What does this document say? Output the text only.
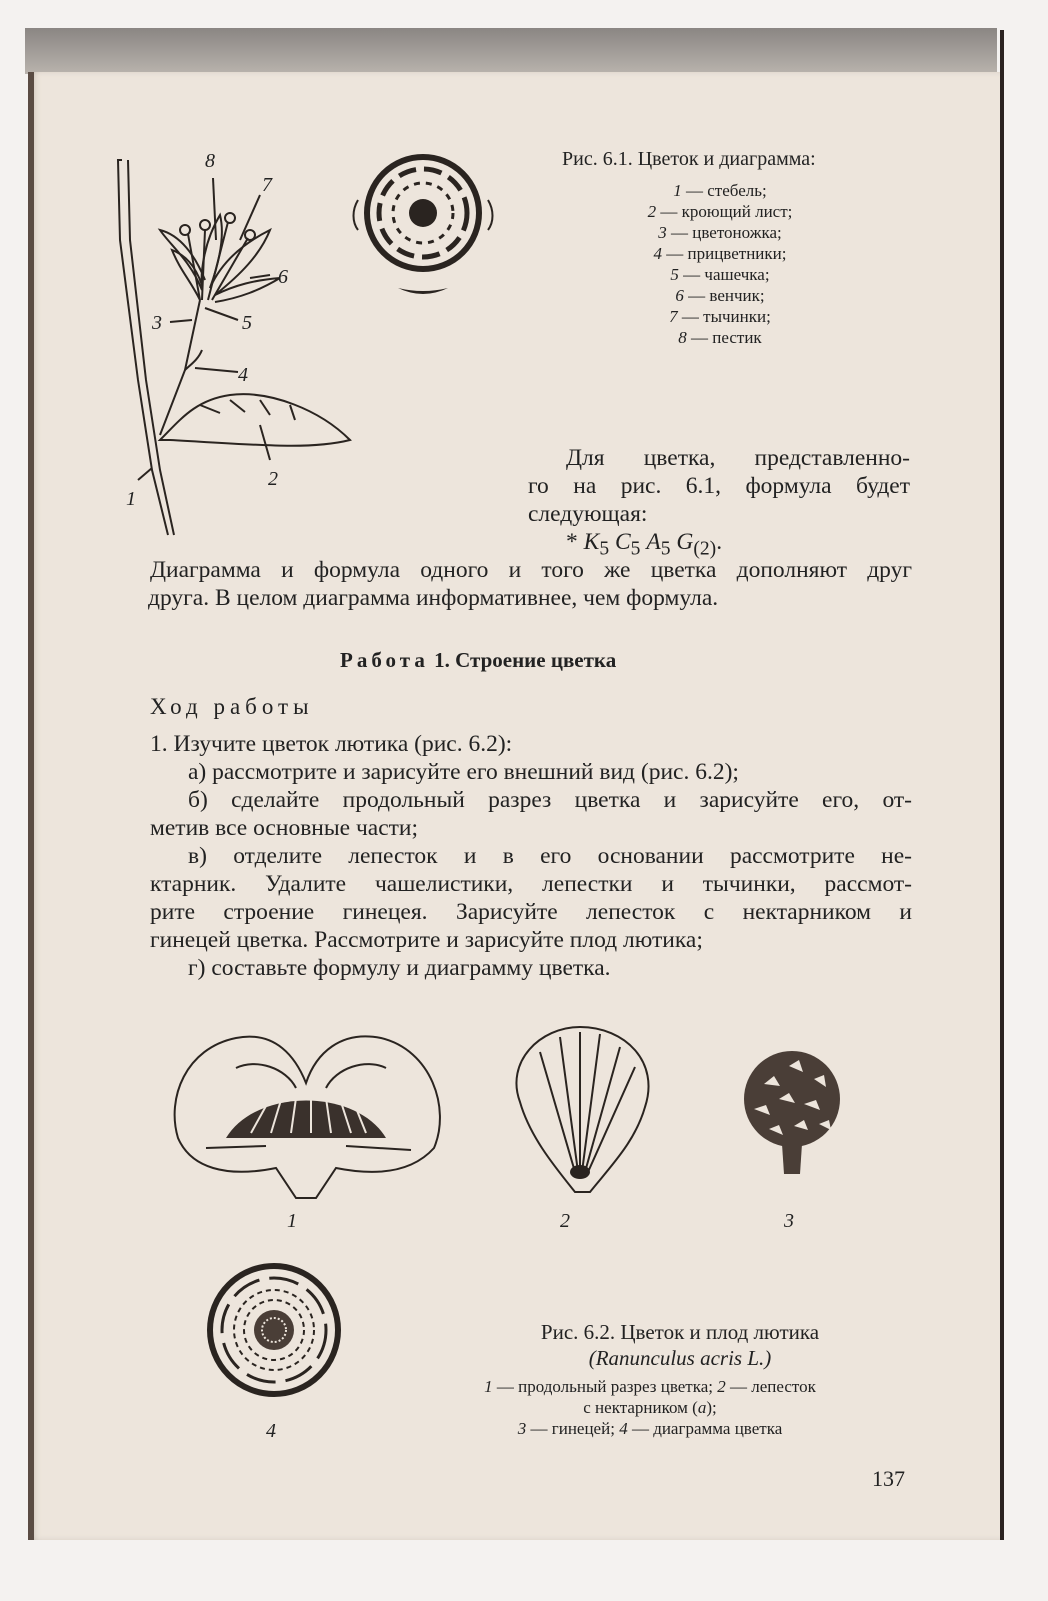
8
7
6
3	5
4
2
1
Рис. 6.1. Цветок и диаграмма:
1 — стебель;
2 — кроющий лист;
3 — цветоножка;
4 — прицветники;
5 — чашечка;
6 — венчик;
7 — тычинки;
8 — пестик
Для цветка, представленно-
го на рис. 6.1, формула будет
следующая:
* $K_5$ $C_5$ $A_5$ $G_{(2)}$.
Диаграмма и формула одного и того же цветка дополняют друг
друга. В целом диаграмма информативнее, чем формула.
Работа 1. Строение цветка
Ход работы
1. Изучите цветок лютика (рис. 6.2):
а) рассмотрите и зарисуйте его внешний вид (рис. 6.2);
б) сделайте продольный разрез цветка и зарисуйте его, от-
метив все основные части;
в) отделите лепесток и в его основании рассмотрите не-
ктарник. Удалите чашелистики, лепестки и тычинки, рассмот-
рите строение гинецея. Зарисуйте лепесток с нектарником и
гинецей цветка. Рассмотрите и зарисуйте плод лютика;
г) составьте формулу и диаграмму цветка.
1	2	3
4
Рис. 6.2. Цветок и плод лютика
(Ranunculus acris L.)
1 — продольный разрез цветка; 2 — лепесток
с нектарником (а);
3 — гинецей; 4 — диаграмма цветка
137
